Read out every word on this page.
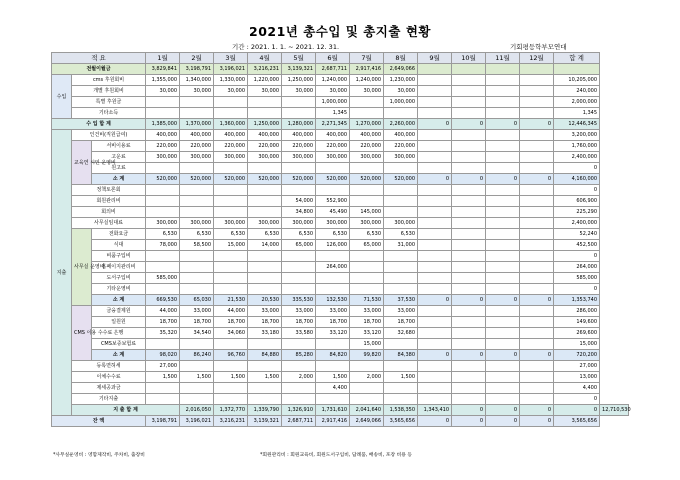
2021년 총수입 및 총지출 현황
기간 : 2021. 1. 1. ~ 2021. 12. 31.	기회평등학부모연대
적 요			1월	2월	3월	4월	5월	6월	7월	8월	9월	10월	11월	12월	합 계	
전월이월금			3,829,841	3,198,791	3,196,021	3,216,231	3,139,321	2,687,711	2,917,416	2,649,066						
수입	cms 후원회비		1,355,000	1,340,000	1,330,000	1,220,000	1,250,000	1,240,000	1,240,000	1,230,000					10,205,000	
	개별 후원회비		30,000	30,000	30,000	30,000	30,000	30,000	30,000	30,000					240,000	
	특별 후원금							1,000,000		1,000,000					2,000,000	
	기타소득							1,345							1,345	
수 입 합 계			1,385,000	1,370,000	1,360,000	1,250,000	1,280,000	2,271,345	1,270,000	2,260,000	0	0	0	0	12,446,345	
지출	인건비(직원급여)		400,000	400,000	400,000	400,000	400,000	400,000	400,000	400,000					3,200,000	
	교육연 시인 운영비	서비이용료	220,000	220,000	220,000	220,000	220,000	220,000	220,000	220,000					1,760,000	
		고운료	300,000	300,000	300,000	300,000	300,000	300,000	300,000	300,000					2,400,000	
		원고료													0	
		소 계	520,000	520,000	520,000	520,000	520,000	520,000	520,000	520,000	0	0	0	0	4,160,000	
	정책토론회														0	
	회원관리비						54,000	552,900							606,900	
	회의비						34,800	45,490	145,000						225,290	
	사무실임대료		300,000	300,000	300,000	300,000	300,000	300,000	300,000	300,000					2,400,000	
	사무실 운영비	전화요금	6,530	6,530	6,530	6,530	6,530	6,530	6,530	6,530					52,240	
		식대	78,000	58,500	15,000	14,000	65,000	126,000	65,000	31,000					452,500	
		비품구입비													0	
		홈페이지관리비						264,000							264,000	
		도서구입비	585,000												585,000	
		기타운영비													0	
		소 계	669,530	65,030	21,530	20,530	335,530	132,530	71,530	37,530	0	0	0	0	1,353,740	
	CMS 이용 수수료	금융결제원	44,000	33,000	44,000	33,000	33,000	33,000	33,000	33,000					286,000	
		일원원	18,700	18,700	18,700	18,700	18,700	18,700	18,700	18,700					149,600	
		은행	35,320	34,540	34,060	33,180	33,580	33,120	33,120	32,680					269,600	
		CMS보증보험료							15,000						15,000	
		소 계	98,020	86,240	96,760	84,880	85,280	84,820	99,820	84,380	0	0	0	0	720,200	
	등록면허세		27,000												27,000	
	이체수수료		1,500	1,500	1,500	1,500	2,000	1,500	2,000	1,500					13,000	
	제세공과금							4,400							4,400	
	기타지출														0	
	지 출 합 계			2,016,050	1,372,770	1,339,790	1,326,910	1,731,610	2,041,640	1,538,350	1,343,410	0	0	0	0	12,710,530
잔 액			3,198,791	3,196,021	3,216,231	3,139,321	2,687,711	2,917,416	2,649,066	3,565,656	0	0	0	0	3,565,656	
*사무실운영비 : 영함제작비, 주차비, 출장비	*회원관리비 : 회원교육비, 회원도서구입비, 답례품, 배송비, 포장 비용 등
